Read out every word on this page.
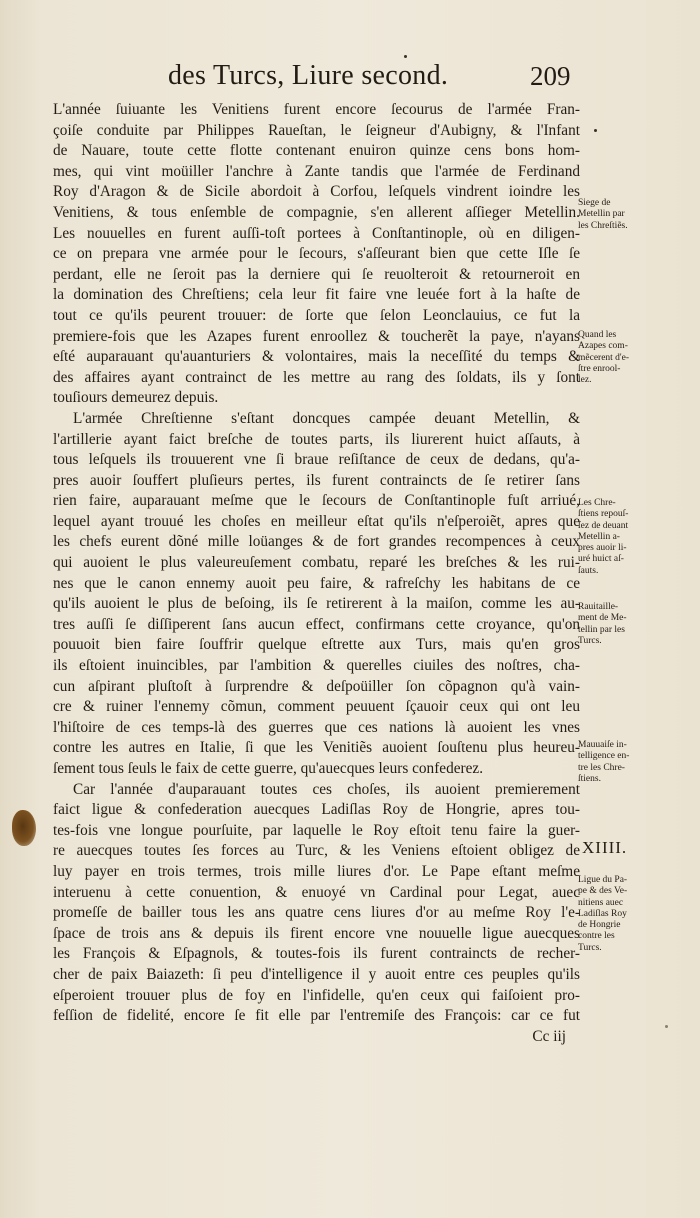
des Turcs, Liure second.	209
L'année ſuiuante les Venitiens furent encore ſecourus de l'armée Fran-
çoiſe conduite par Philippes Raueſtan, le ſeigneur d'Aubigny, & l'Infant
de Nauare, toute cette flotte contenant enuiron quinze cens bons hom-
mes, qui vint moüiller l'anchre à Zante tandis que l'armée de Ferdinand
Roy d'Aragon & de Sicile abordoit à Corfou, leſquels vindrent ioindre les
Venitiens, & tous enſemble de compagnie, s'en allerent aſſieger Metellin.
Les nouuelles en furent auſſi-toſt portees à Conſtantinople, où en diligen-
ce on prepara vne armée pour le ſecours, s'aſſeurant bien que cette Iſle ſe
perdant, elle ne ſeroit pas la derniere qui ſe reuolteroit & retourneroit en
la domination des Chreſtiens; cela leur fit faire vne leuée fort à la haſte de
tout ce qu'ils peurent trouuer: de ſorte que ſelon Leonclauius, ce fut la
premiere-fois que les Azapes furent enroollez & toucherẽt la paye, n'ayans
eſté auparauant qu'auanturiers & volontaires, mais la neceſſité du temps &
des affaires ayant contrainct de les mettre au rang des ſoldats, ils y ſont
touſiours demeurez depuis.
L'armée Chreſtienne s'eſtant doncques campée deuant Metellin, &
l'artillerie ayant faict breſche de toutes parts, ils liurerent huict aſſauts, à
tous leſquels ils trouuerent vne ſi braue reſiſtance de ceux de dedans, qu'a-
pres auoir ſouffert pluſieurs pertes, ils furent contraincts de ſe retirer ſans
rien faire, auparauant meſme que le ſecours de Conſtantinople fuſt arriué,
lequel ayant trouué les choſes en meilleur eſtat qu'ils n'eſperoiẽt, apres que
les chefs eurent dõné mille loüanges & de fort grandes recompences à ceux
qui auoient le plus valeureuſement combatu, reparé les breſches & les rui-
nes que le canon ennemy auoit peu faire, & rafreſchy les habitans de ce
qu'ils auoient le plus de beſoing, ils ſe retirerent à la maiſon, comme les au-
tres auſſi ſe diſſiperent ſans aucun effect, confirmans cette croyance, qu'on
pouuoit bien faire ſouffrir quelque eſtrette aux Turs, mais qu'en gros
ils eſtoient inuincibles, par l'ambition & querelles ciuiles des noſtres, cha-
cun aſpirant pluſtoſt à ſurprendre & deſpoüiller ſon cõpagnon qu'à vain-
cre & ruiner l'ennemy cõmun, comment peuuent ſçauoir ceux qui ont leu
l'hiſtoire de ces temps-là des guerres que ces nations là auoient les vnes
contre les autres en Italie, ſi que les Venitiẽs auoient ſouſtenu plus heureu-
ſement tous ſeuls le faix de cette guerre, qu'auecques leurs confederez.
Car l'année d'auparauant toutes ces choſes, ils auoient premierement
faict ligue & confederation auecques Ladiſlas Roy de Hongrie, apres tou-
tes-fois vne longue pourſuite, par laquelle le Roy eſtoit tenu faire la guer-
re auecques toutes ſes forces au Turc, & les Veniens eſtoient obligez de
luy payer en trois termes, trois mille liures d'or. Le Pape eſtant meſme
interuenu à cette conuention, & enuoyé vn Cardinal pour Legat, auec
promeſſe de bailler tous les ans quatre cens liures d'or au meſme Roy l'e-
ſpace de trois ans & depuis ils firent encore vne nouuelle ligue auecques
les François & Eſpagnols, & toutes-fois ils furent contraincts de recher-
cher de paix Baiazeth: ſi peu d'intelligence il y auoit entre ces peuples qu'ils
eſperoient trouuer plus de foy en l'infidelle, qu'en ceux qui faiſoient pro-
feſſion de fidelité, encore ſe fit elle par l'entremiſe des François: car ce fut
Cc iij
Siege de
Metellin par
les Chreſtiẽs.
Quand les
Azapes com-
mẽcerent d'e-
ſtre enrool-
lez.
Les Chre-
ſtiens repouſ-
ſez de deuant
Metellin a-
pres auoir li-
uré huict aſ-
ſauts.
Rauitaille-
ment de Me-
tellin par les
Turcs.
Mauuaiſe in-
telligence en-
tre les Chre-
ſtiens.
Ligue du Pa-
pe & des Ve-
nitiens auec
Ladiſlas Roy
de Hongrie
contre les
Turcs.
XIIII.
